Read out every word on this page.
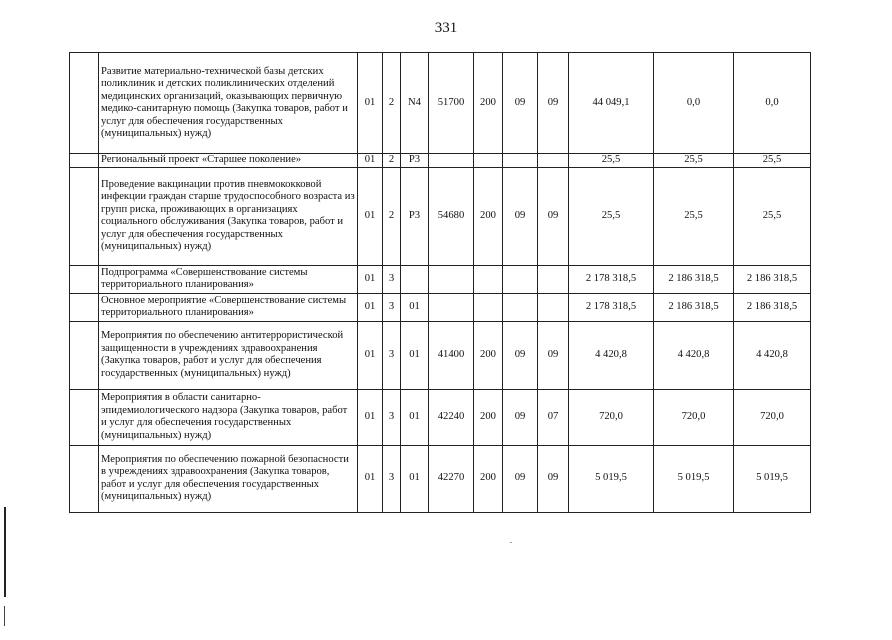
331
	Развитие материально-технической базы детских поликлиник и детских поликлинических отделений медицинских организаций, оказывающих первичную медико-санитарную помощь (Закупка товаров, работ и услуг для обеспечения государственных (муниципальных) нужд)	01	2	N4	51700	200	09	09	44 049,1	0,0	0,0
	Региональный проект «Старшее поколение»	01	2	P3					25,5	25,5	25,5
	Проведение вакцинации против пневмококковой инфекции граждан старше трудоспособного возраста из групп риска, проживающих в организациях социального обслуживания (Закупка товаров, работ и услуг для обеспечения государственных (муниципальных) нужд)	01	2	P3	54680	200	09	09	25,5	25,5	25,5
	Подпрограмма «Совершенствование системы территориального планирования»	01	3						2 178 318,5	2 186 318,5	2 186 318,5
	Основное мероприятие «Совершенствование системы территориального планирования»	01	3	01					2 178 318,5	2 186 318,5	2 186 318,5
	Мероприятия по обеспечению антитеррористической защищенности в учреждениях здравоохранения (Закупка товаров, работ и услуг для обеспечения государственных (муниципальных) нужд)	01	3	01	41400	200	09	09	4 420,8	4 420,8	4 420,8
	Мероприятия в области санитарно-эпидемиологического надзора (Закупка товаров, работ и услуг для обеспечения государственных (муниципальных) нужд)	01	3	01	42240	200	09	07	720,0	720,0	720,0
	Мероприятия по обеспечению пожарной безопасности в учреждениях здравоохранения (Закупка товаров, работ и услуг для обеспечения государственных (муниципальных) нужд)	01	3	01	42270	200	09	09	5 019,5	5 019,5	5 019,5
